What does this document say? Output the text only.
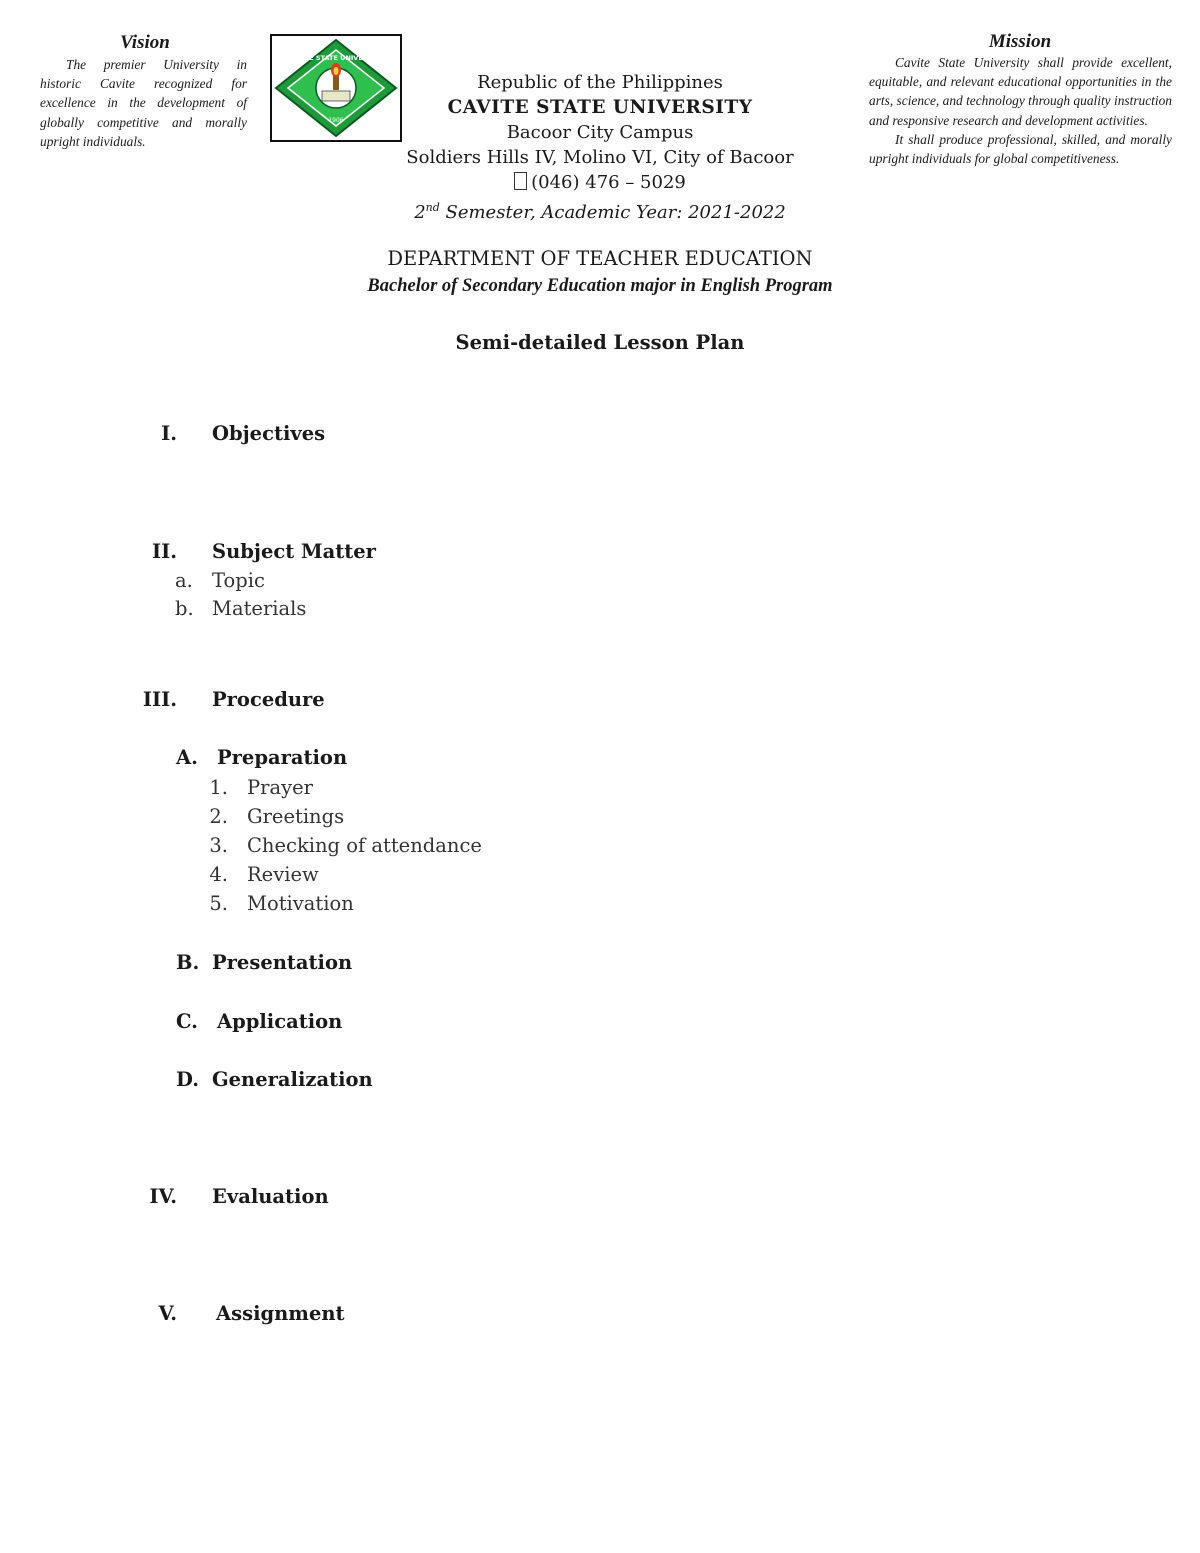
Vision

The premier University in historic Cavite recognized for excellence in the development of globally competitive and morally upright individuals.

CAVITE STATE UNIVERSITY
1906
Mission

Cavite State University shall provide excellent, equitable, and relevant educational opportunities in the arts, science, and technology through quality instruction and responsive research and development activities.

It shall produce professional, skilled, and morally upright individuals for global competitiveness.

Republic of the Philippines
CAVITE STATE UNIVERSITY
Bacoor City Campus
Soldiers Hills IV, Molino VI, City of Bacoor
(046) 476 – 5029
2nd Semester, Academic Year: 2021-2022
DEPARTMENT OF TEACHER EDUCATION
Bachelor of Secondary Education major in English Program
Semi-detailed Lesson Plan
I. Objectives
II. Subject Matter
a. Topic
b. Materials
III. Procedure
A. Preparation
1. Prayer
2. Greetings
3. Checking of attendance
4. Review
5. Motivation
B. Presentation
C. Application
D. Generalization
IV. Evaluation
V. Assignment
